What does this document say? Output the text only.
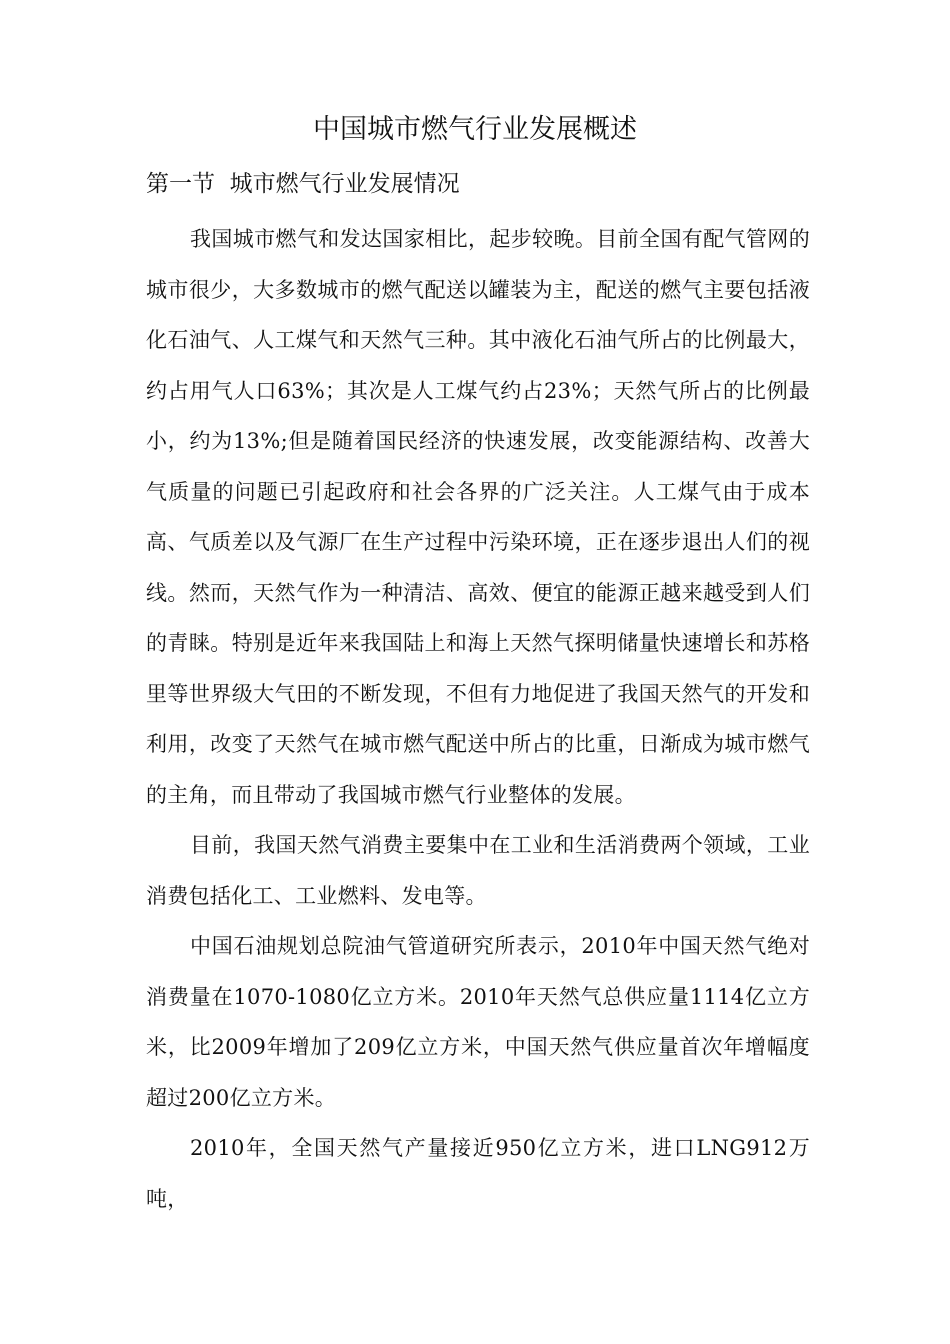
中国城市燃气行业发展概述
第一节  城市燃气行业发展情况

我国城市燃气和发达国家相比，起步较晚。目前全国有配气管网的城市很少，大多数城市的燃气配送以罐装为主，配送的燃气主要包括液化石油气、人工煤气和天然气三种。其中液化石油气所占的比例最大，约占用气人口63%；其次是人工煤气约占23%；天然气所占的比例最小，约为13%;但是随着国民经济的快速发展，改变能源结构、改善大气质量的问题已引起政府和社会各界的广泛关注。人工煤气由于成本高、气质差以及气源厂在生产过程中污染环境，正在逐步退出人们的视线。然而，天然气作为一种清洁、高效、便宜的能源正越来越受到人们的青睐。特别是近年来我国陆上和海上天然气探明储量快速增长和苏格里等世界级大气田的不断发现，不但有力地促进了我国天然气的开发和利用，改变了天然气在城市燃气配送中所占的比重，日渐成为城市燃气的主角，而且带动了我国城市燃气行业整体的发展。

目前，我国天然气消费主要集中在工业和生活消费两个领域，工业消费包括化工、工业燃料、发电等。

中国石油规划总院油气管道研究所表示，2010年中国天然气绝对消费量在1070-1080亿立方米。2010年天然气总供应量1114亿立方米，比2009年增加了209亿立方米，中国天然气供应量首次年增幅度超过200亿立方米。

2010年，全国天然气产量接近950亿立方米，进口LNG912万吨，
